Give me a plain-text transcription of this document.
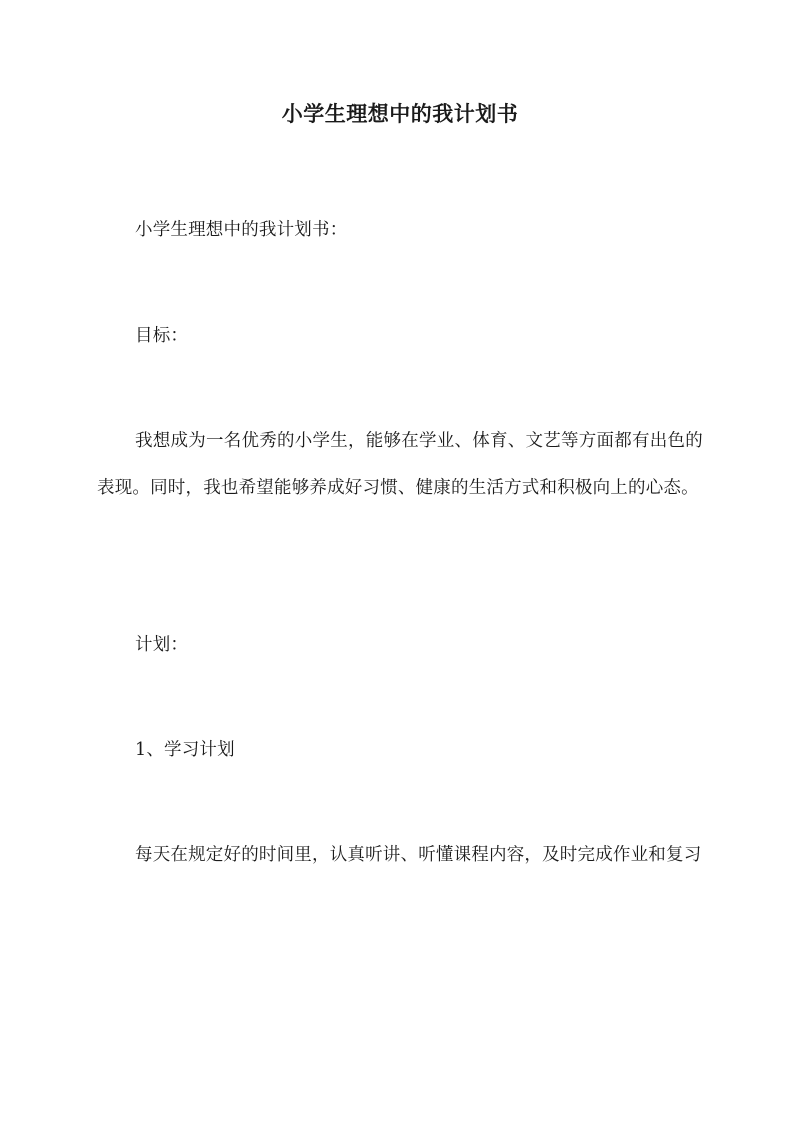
小学生理想中的我计划书

小学生理想中的我计划书：

目标：

我想成为一名优秀的小学生，能够在学业、体育、文艺等方面都有出色的表现。同时，我也希望能够养成好习惯、健康的生活方式和积极向上的心态。

计划：

1、学习计划

每天在规定好的时间里，认真听讲、听懂课程内容，及时完成作业和复习
